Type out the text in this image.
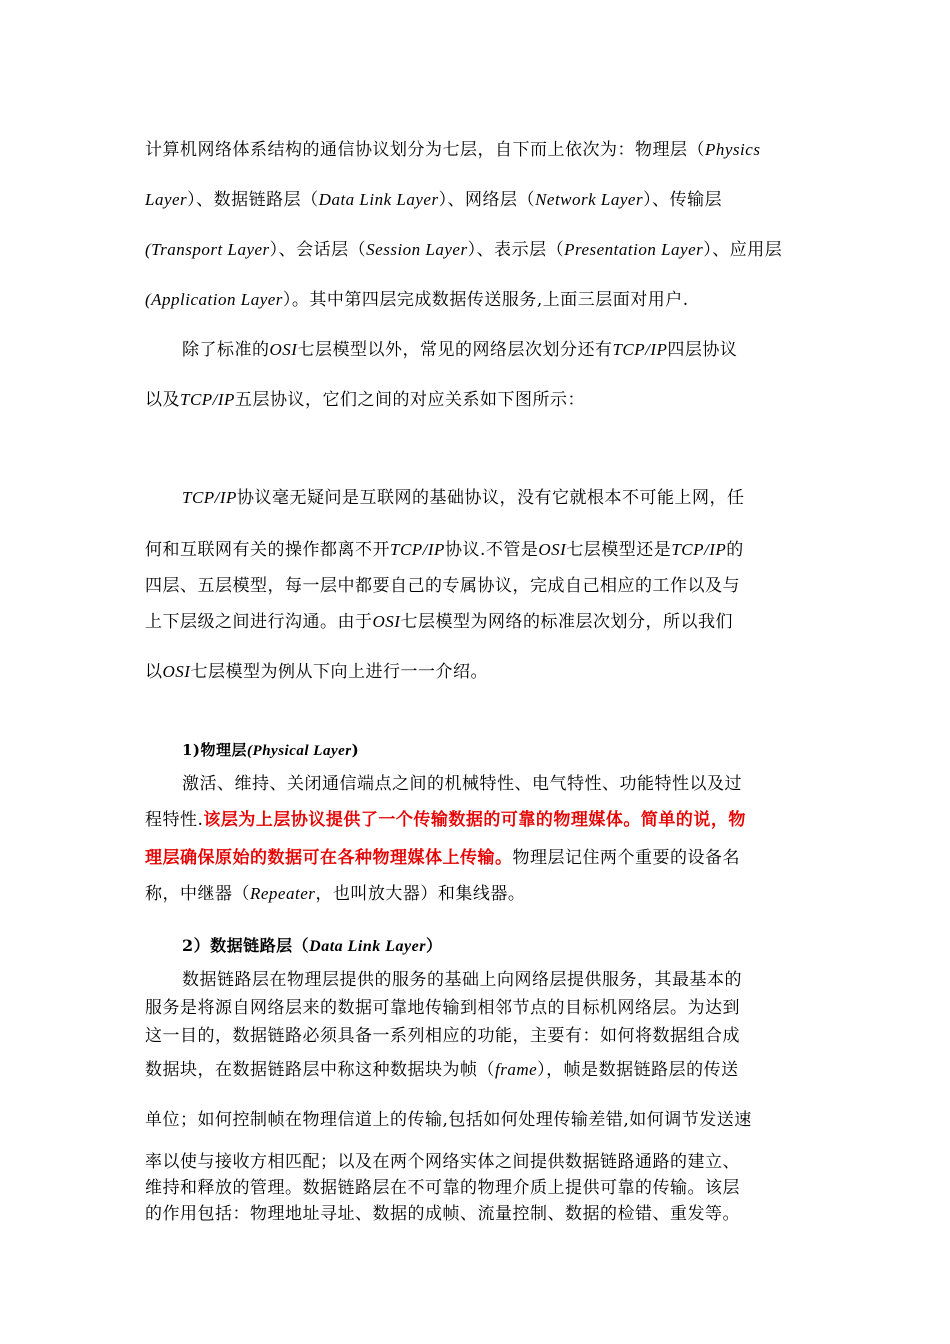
计算机网络体系结构的通信协议划分为七层，自下而上依次为：物理层（Physics
Layer）、数据链路层（Data Link Layer）、网络层（Network Layer）、传输层
(Transport Layer）、会话层（Session Layer）、表示层（Presentation Layer）、应用层
(Application Layer）。其中第四层完成数据传送服务,上面三层面对用户.
除了标准的OSI七层模型以外，常见的网络层次划分还有TCP/IP四层协议
以及TCP/IP五层协议，它们之间的对应关系如下图所示：
TCP/IP协议毫无疑问是互联网的基础协议，没有它就根本不可能上网，任
何和互联网有关的操作都离不开TCP/IP协议.不管是OSI七层模型还是TCP/IP的
四层、五层模型，每一层中都要自己的专属协议，完成自己相应的工作以及与
上下层级之间进行沟通。由于OSI七层模型为网络的标准层次划分，所以我们
以OSI七层模型为例从下向上进行一一介绍。
1)物理层(Physical Layer)
激活、维持、关闭通信端点之间的机械特性、电气特性、功能特性以及过
程特性.该层为上层协议提供了一个传输数据的可靠的物理媒体。简单的说，物
理层确保原始的数据可在各种物理媒体上传输。物理层记住两个重要的设备名
称，中继器（Repeater，也叫放大器）和集线器。
2）数据链路层（Data Link Layer）
数据链路层在物理层提供的服务的基础上向网络层提供服务，其最基本的
服务是将源自网络层来的数据可靠地传输到相邻节点的目标机网络层。为达到
这一目的，数据链路必须具备一系列相应的功能，主要有：如何将数据组合成
数据块，在数据链路层中称这种数据块为帧（frame），帧是数据链路层的传送
单位；如何控制帧在物理信道上的传输,包括如何处理传输差错,如何调节发送速
率以使与接收方相匹配；以及在两个网络实体之间提供数据链路通路的建立、
维持和释放的管理。数据链路层在不可靠的物理介质上提供可靠的传输。该层
的作用包括：物理地址寻址、数据的成帧、流量控制、数据的检错、重发等。
